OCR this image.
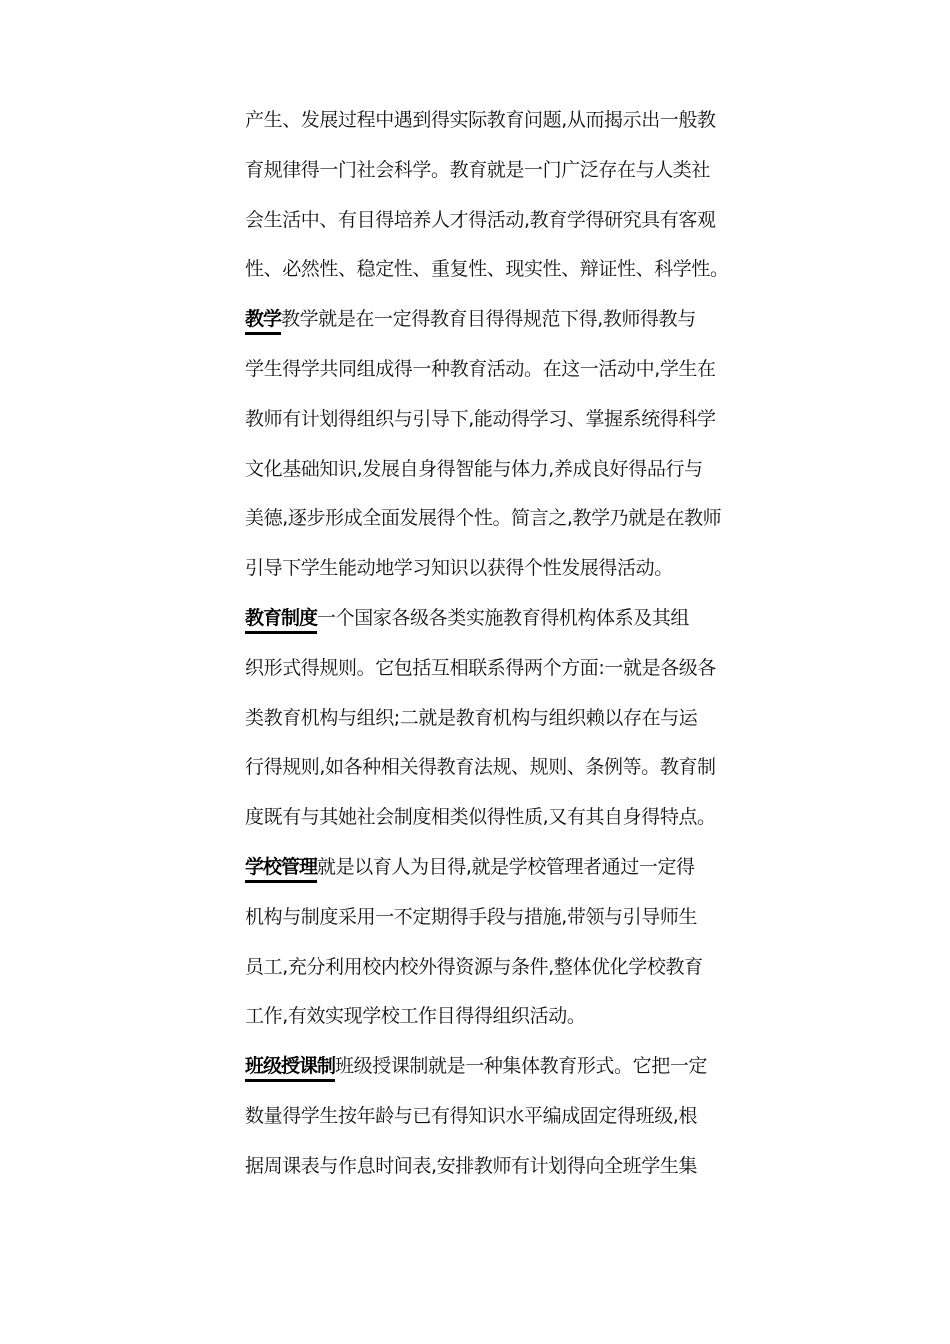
产生、发展过程中遇到得实际教育问题,从而揭示出一般教
育规律得一门社会科学。教育就是一门广泛存在与人类社
会生活中、有目得培养人才得活动,教育学得研究具有客观
性、必然性、稳定性、重复性、现实性、辩证性、科学性。
教学教学就是在一定得教育目得得规范下得,教师得教与
学生得学共同组成得一种教育活动。在这一活动中,学生在
教师有计划得组织与引导下,能动得学习、掌握系统得科学
文化基础知识,发展自身得智能与体力,养成良好得品行与
美德,逐步形成全面发展得个性。简言之,教学乃就是在教师
引导下学生能动地学习知识以获得个性发展得活动。
教育制度一个国家各级各类实施教育得机构体系及其组
织形式得规则。它包括互相联系得两个方面:一就是各级各
类教育机构与组织;二就是教育机构与组织赖以存在与运
行得规则,如各种相关得教育法规、规则、条例等。教育制
度既有与其她社会制度相类似得性质,又有其自身得特点。
学校管理就是以育人为目得,就是学校管理者通过一定得
机构与制度采用一不定期得手段与措施,带领与引导师生
员工,充分利用校内校外得资源与条件,整体优化学校教育
工作,有效实现学校工作目得得组织活动。
班级授课制班级授课制就是一种集体教育形式。它把一定
数量得学生按年龄与已有得知识水平编成固定得班级,根
据周课表与作息时间表,安排教师有计划得向全班学生集
